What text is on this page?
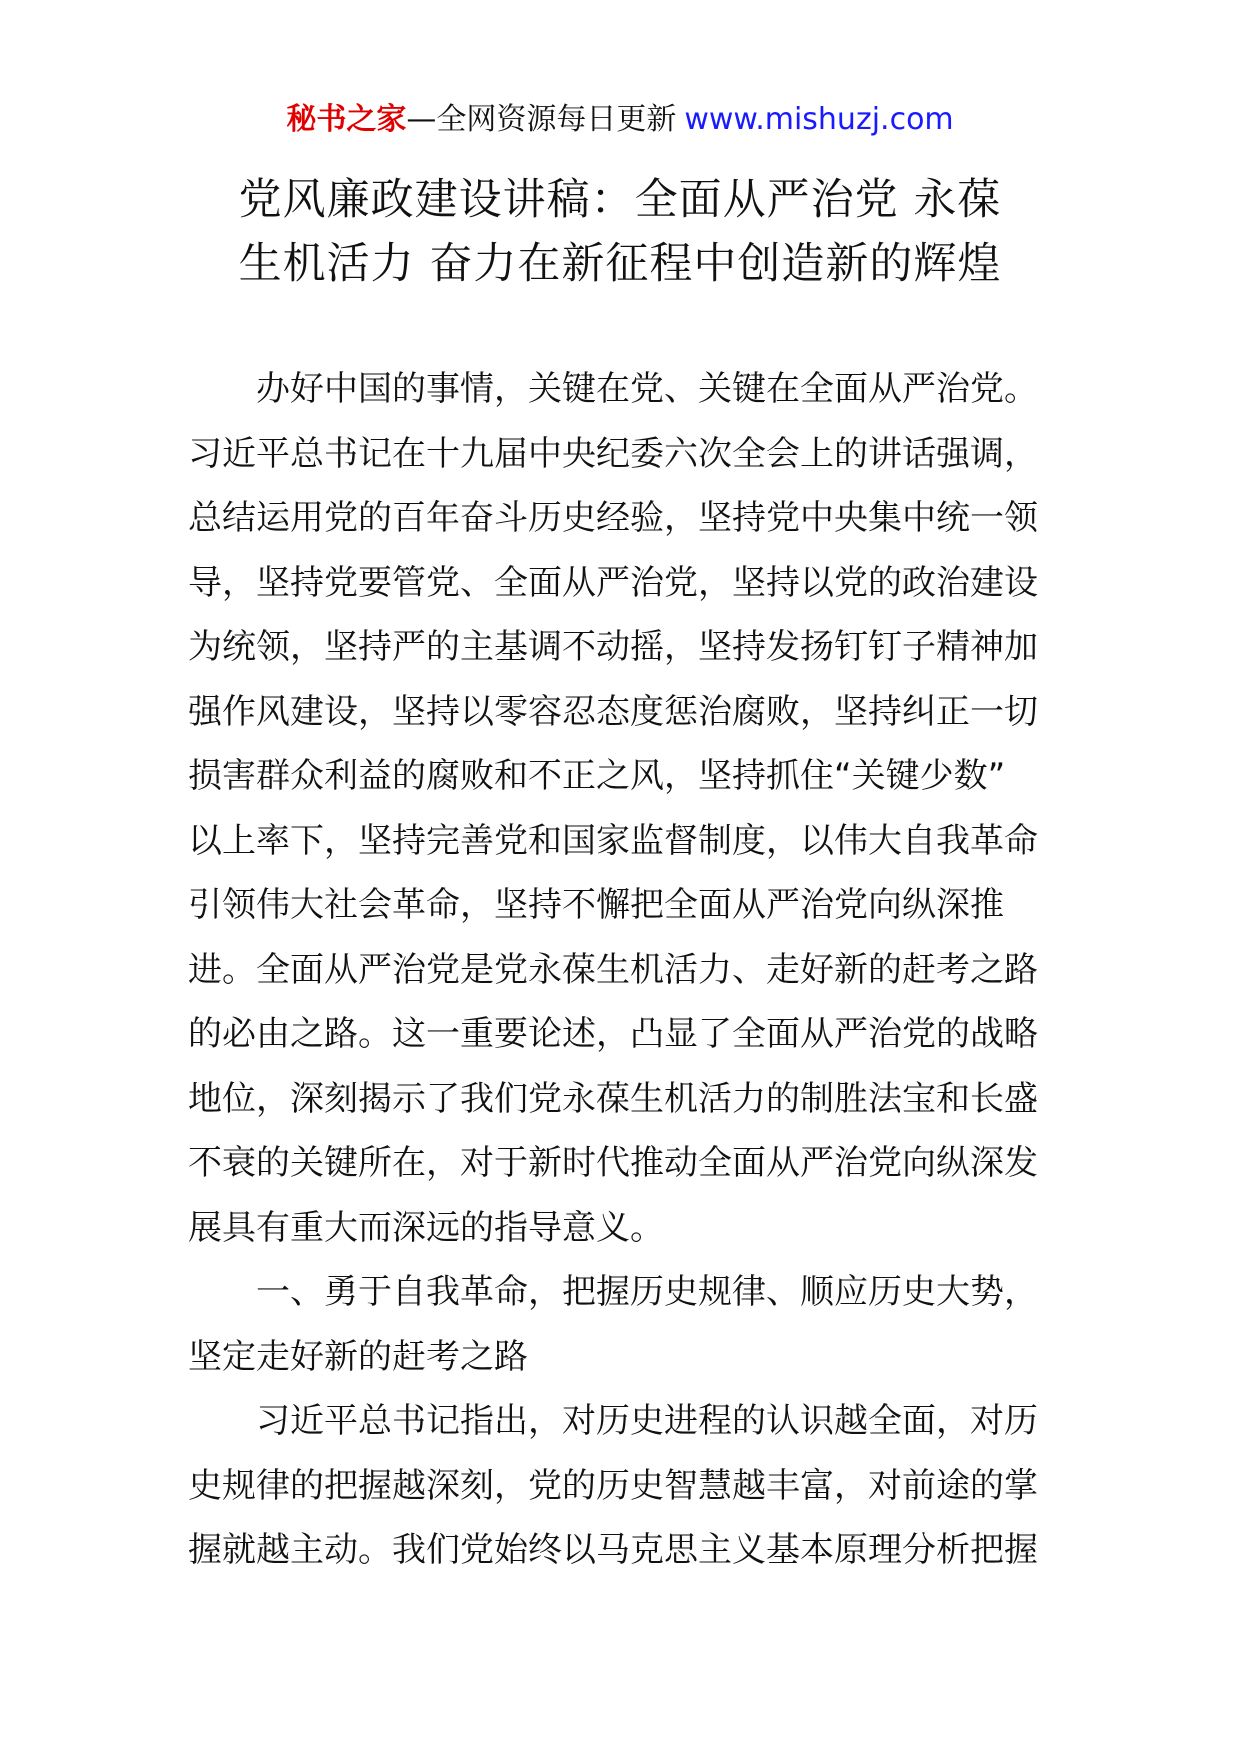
秘书之家—全网资源每日更新 www.mishuzj.com
党风廉政建设讲稿：全面从严治党 永葆
生机活力 奋力在新征程中创造新的辉煌
办好中国的事情，关键在党、关键在全面从严治党。
习近平总书记在十九届中央纪委六次全会上的讲话强调，
总结运用党的百年奋斗历史经验，坚持党中央集中统一领
导，坚持党要管党、全面从严治党，坚持以党的政治建设
为统领，坚持严的主基调不动摇，坚持发扬钉钉子精神加
强作风建设，坚持以零容忍态度惩治腐败，坚持纠正一切
损害群众利益的腐败和不正之风，坚持抓住“关键少数”
以上率下，坚持完善党和国家监督制度，以伟大自我革命
引领伟大社会革命，坚持不懈把全面从严治党向纵深推
进。全面从严治党是党永葆生机活力、走好新的赶考之路
的必由之路。这一重要论述，凸显了全面从严治党的战略
地位，深刻揭示了我们党永葆生机活力的制胜法宝和长盛
不衰的关键所在，对于新时代推动全面从严治党向纵深发
展具有重大而深远的指导意义。
一、勇于自我革命，把握历史规律、顺应历史大势，
坚定走好新的赶考之路
习近平总书记指出，对历史进程的认识越全面，对历
史规律的把握越深刻，党的历史智慧越丰富，对前途的掌
握就越主动。我们党始终以马克思主义基本原理分析把握
